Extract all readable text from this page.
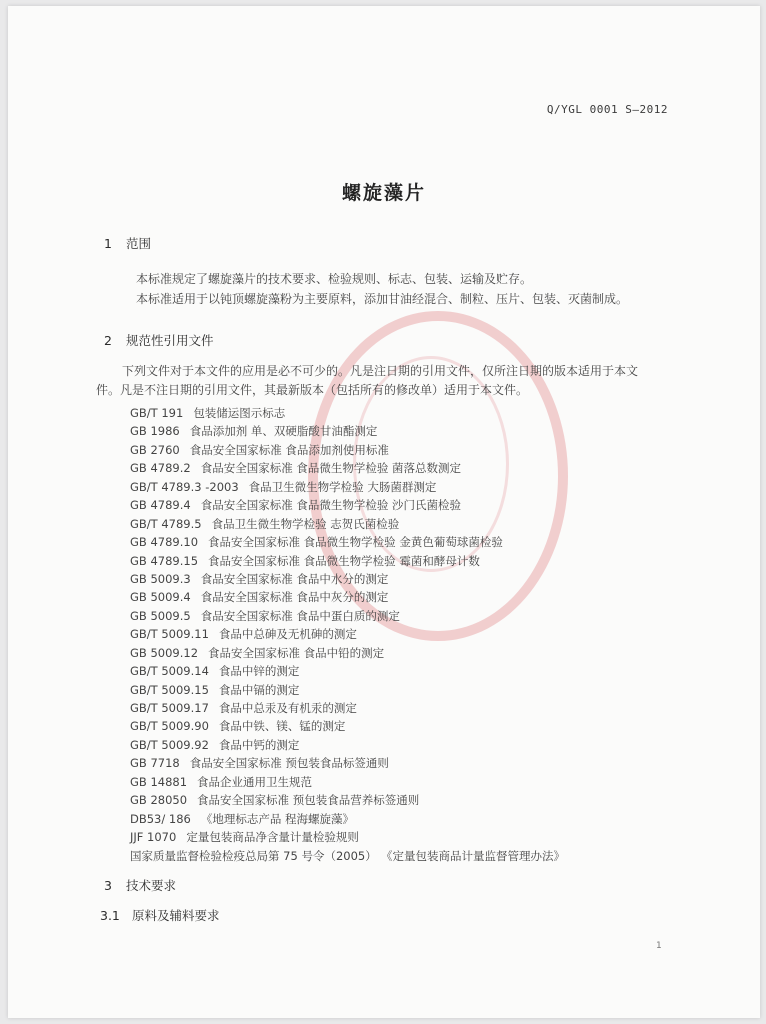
Q/YGL 0001 S—2012
螺旋藻片
1 范围
本标准规定了螺旋藻片的技术要求、检验规则、标志、包装、运输及贮存。
本标准适用于以钝顶螺旋藻粉为主要原料，添加甘油经混合、制粒、压片、包装、灭菌制成。
2 规范性引用文件
下列文件对于本文件的应用是必不可少的。凡是注日期的引用文件，仅所注日期的版本适用于本文
件。凡是不注日期的引用文件，其最新版本（包括所有的修改单）适用于本文件。
GB/T 191 包装储运图示标志
GB 1986 食品添加剂 单、双硬脂酸甘油酯测定
GB 2760 食品安全国家标准 食品添加剂使用标准
GB 4789.2 食品安全国家标准 食品微生物学检验 菌落总数测定
GB/T 4789.3 -2003 食品卫生微生物学检验 大肠菌群测定
GB 4789.4 食品安全国家标准 食品微生物学检验 沙门氏菌检验
GB/T 4789.5 食品卫生微生物学检验 志贺氏菌检验
GB 4789.10 食品安全国家标准 食品微生物学检验 金黄色葡萄球菌检验
GB 4789.15 食品安全国家标准 食品微生物学检验 霉菌和酵母计数
GB 5009.3 食品安全国家标准 食品中水分的测定
GB 5009.4 食品安全国家标准 食品中灰分的测定
GB 5009.5 食品安全国家标准 食品中蛋白质的测定
GB/T 5009.11 食品中总砷及无机砷的测定
GB 5009.12 食品安全国家标准 食品中铅的测定
GB/T 5009.14 食品中锌的测定
GB/T 5009.15 食品中镉的测定
GB/T 5009.17 食品中总汞及有机汞的测定
GB/T 5009.90 食品中铁、镁、锰的测定
GB/T 5009.92 食品中钙的测定
GB 7718 食品安全国家标准 预包装食品标签通则
GB 14881 食品企业通用卫生规范
GB 28050 食品安全国家标准 预包装食品营养标签通则
DB53/ 186 《地理标志产品 程海螺旋藻》
JJF 1070 定量包装商品净含量计量检验规则
国家质量监督检验检疫总局第 75 号令（2005） 《定量包装商品计量监督管理办法》
3 技术要求
3.1 原料及辅料要求
1
